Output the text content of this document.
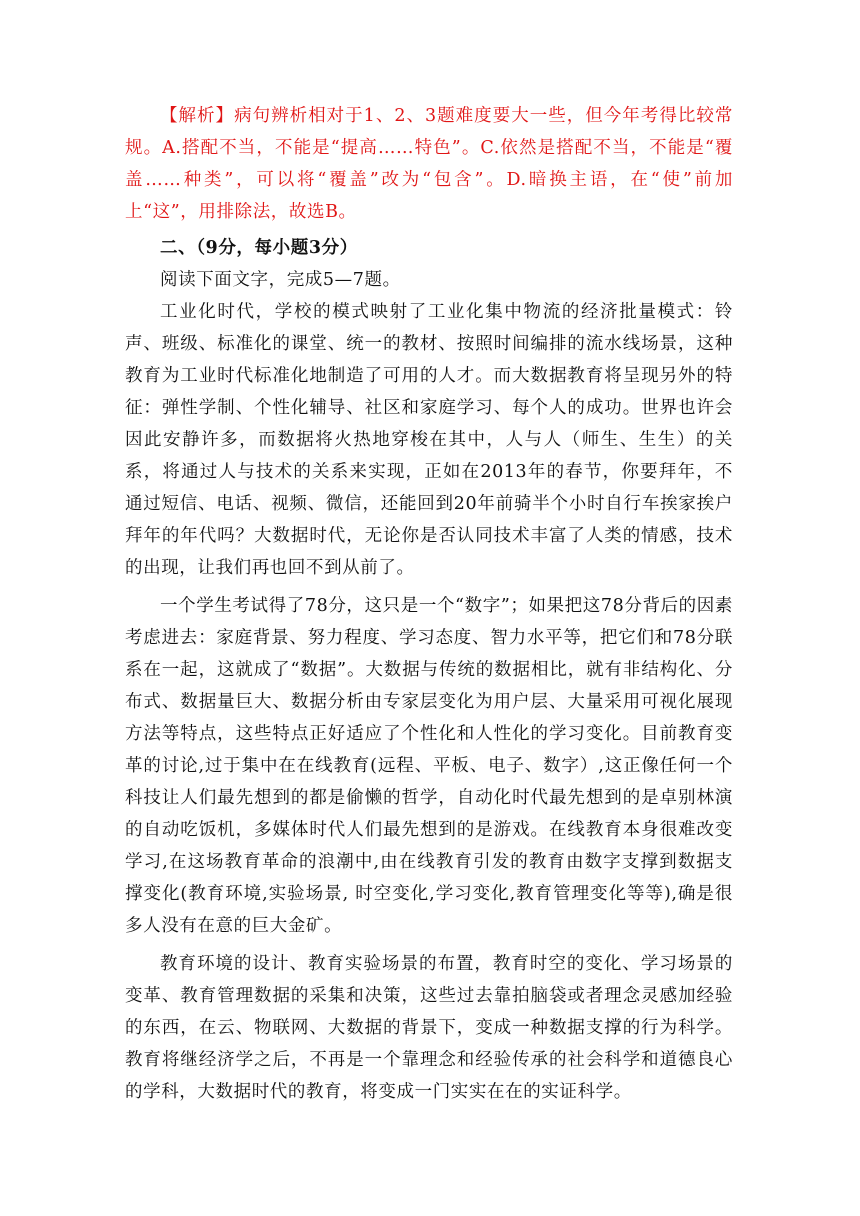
【解析】病句辨析相对于1、2、3题难度要大一些，但今年考得比较常规。A.搭配不当，不能是“提高……特色”。C.依然是搭配不当，不能是“覆盖……种类”，可以将“覆盖”改为“包含”。D.暗换主语，在“使”前加上“这”，用排除法，故选B。

二、（9分，每小题3分）

阅读下面文字，完成5—7题。

工业化时代，学校的模式映射了工业化集中物流的经济批量模式：铃声、班级、标准化的课堂、统一的教材、按照时间编排的流水线场景，这种教育为工业时代标准化地制造了可用的人才。而大数据教育将呈现另外的特征：弹性学制、个性化辅导、社区和家庭学习、每个人的成功。世界也许会因此安静许多，而数据将火热地穿梭在其中，人与人（师生、生生）的关系，将通过人与技术的关系来实现，正如在2013年的春节，你要拜年，不通过短信、电话、视频、微信，还能回到20年前骑半个小时自行车挨家挨户拜年的年代吗？大数据时代，无论你是否认同技术丰富了人类的情感，技术的出现，让我们再也回不到从前了。

一个学生考试得了78分，这只是一个“数字”；如果把这78分背后的因素考虑进去：家庭背景、努力程度、学习态度、智力水平等，把它们和78分联系在一起，这就成了“数据”。大数据与传统的数据相比，就有非结构化、分布式、数据量巨大、数据分析由专家层变化为用户层、大量采用可视化展现方法等特点，这些特点正好适应了个性化和人性化的学习变化。目前教育变革的讨论,过于集中在在线教育(远程、平板、电子、数字）,这正像任何一个科技让人们最先想到的都是偷懒的哲学，自动化时代最先想到的是卓别林演的自动吃饭机，多媒体时代人们最先想到的是游戏。在线教育本身很难改变学习,在这场教育革命的浪潮中,由在线教育引发的教育由数字支撑到数据支撑变化(教育环境,实验场景, 时空变化,学习变化,教育管理变化等等),确是很多人没有在意的巨大金矿。

教育环境的设计、教育实验场景的布置，教育时空的变化、学习场景的变革、教育管理数据的采集和决策，这些过去靠拍脑袋或者理念灵感加经验的东西，在云、物联网、大数据的背景下，变成一种数据支撑的行为科学。教育将继经济学之后，不再是一个靠理念和经验传承的社会科学和道德良心的学科，大数据时代的教育，将变成一门实实在在的实证科学。
